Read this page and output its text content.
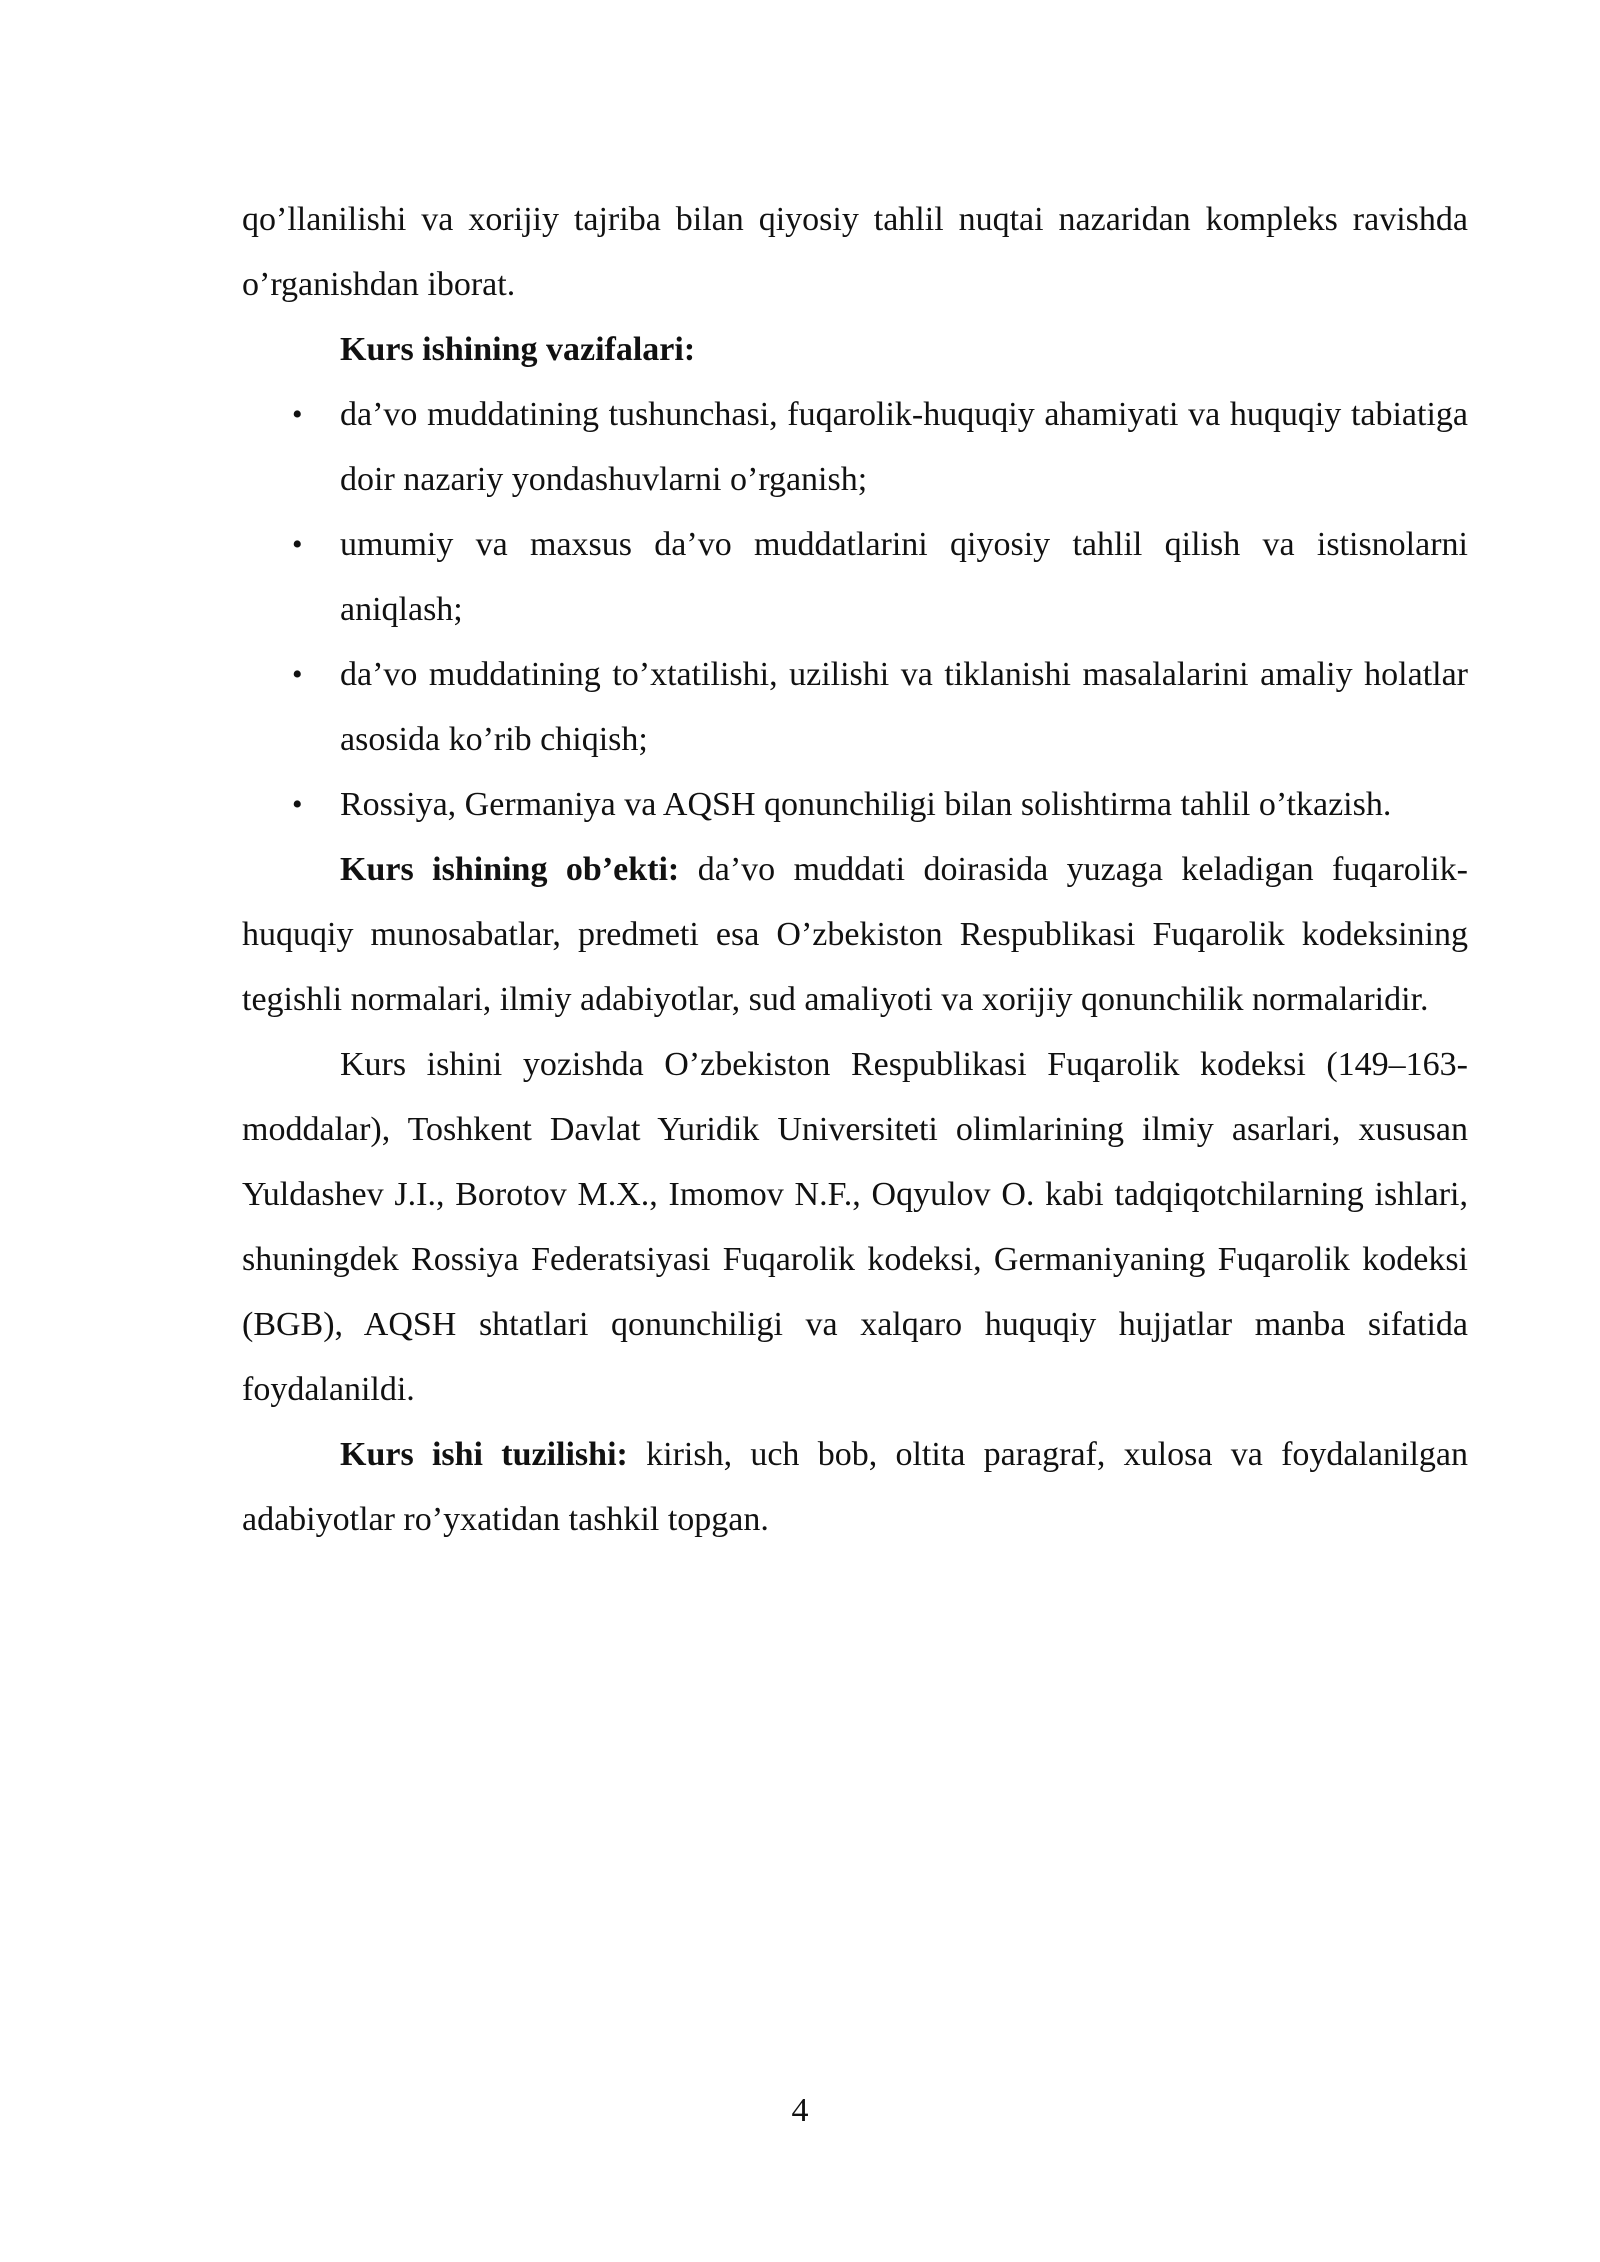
qo’llanilishi va xorijiy tajriba bilan qiyosiy tahlil nuqtai nazaridan kompleks ravishda o’rganishdan iborat.

Kurs ishining vazifalari:

• da’vo muddatining tushunchasi, fuqarolik-huquqiy ahamiyati va huquqiy tabiatiga doir nazariy yondashuvlarni o’rganish;
• umumiy va maxsus da’vo muddatlarini qiyosiy tahlil qilish va istisnolarni aniqlash;
• da’vo muddatining to’xtatilishi, uzilishi va tiklanishi masalalarini amaliy holatlar asosida ko’rib chiqish;
• Rossiya, Germaniya va AQSH qonunchiligi bilan solishtirma tahlil o’tkazish.

Kurs ishining ob’ekti: da’vo muddati doirasida yuzaga keladigan fuqarolik-huquqiy munosabatlar, predmeti esa O’zbekiston Respublikasi Fuqarolik kodeksining tegishli normalari, ilmiy adabiyotlar, sud amaliyoti va xorijiy qonunchilik normalaridir.

Kurs ishini yozishda O’zbekiston Respublikasi Fuqarolik kodeksi (149–163-moddalar), Toshkent Davlat Yuridik Universiteti olimlarining ilmiy asarlari, xususan Yuldashev J.I., Borotov M.X., Imomov N.F., Oqyulov O. kabi tadqiqotchilarning ishlari, shuningdek Rossiya Federatsiyasi Fuqarolik kodeksi, Germaniyaning Fuqarolik kodeksi (BGB), AQSH shtatlari qonunchiligi va xalqaro huquqiy hujjatlar manba sifatida foydalanildi.

Kurs ishi tuzilishi: kirish, uch bob, oltita paragraf, xulosa va foydalanilgan adabiyotlar ro’yxatidan tashkil topgan.

4
